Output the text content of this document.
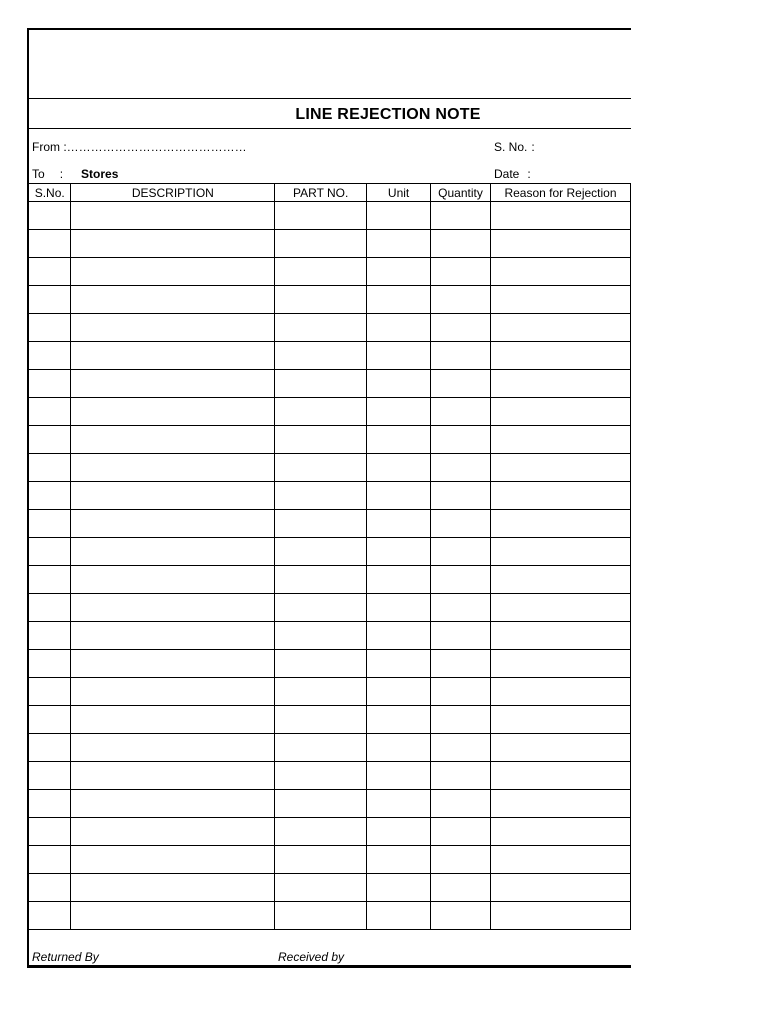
LINE REJECTION NOTE
From :………………………………………	S. No. :
To : Stores	Date :
S.No.	DESCRIPTION	PART NO.	Unit	Quantity	Reason for Rejection

Returned By	Received by
